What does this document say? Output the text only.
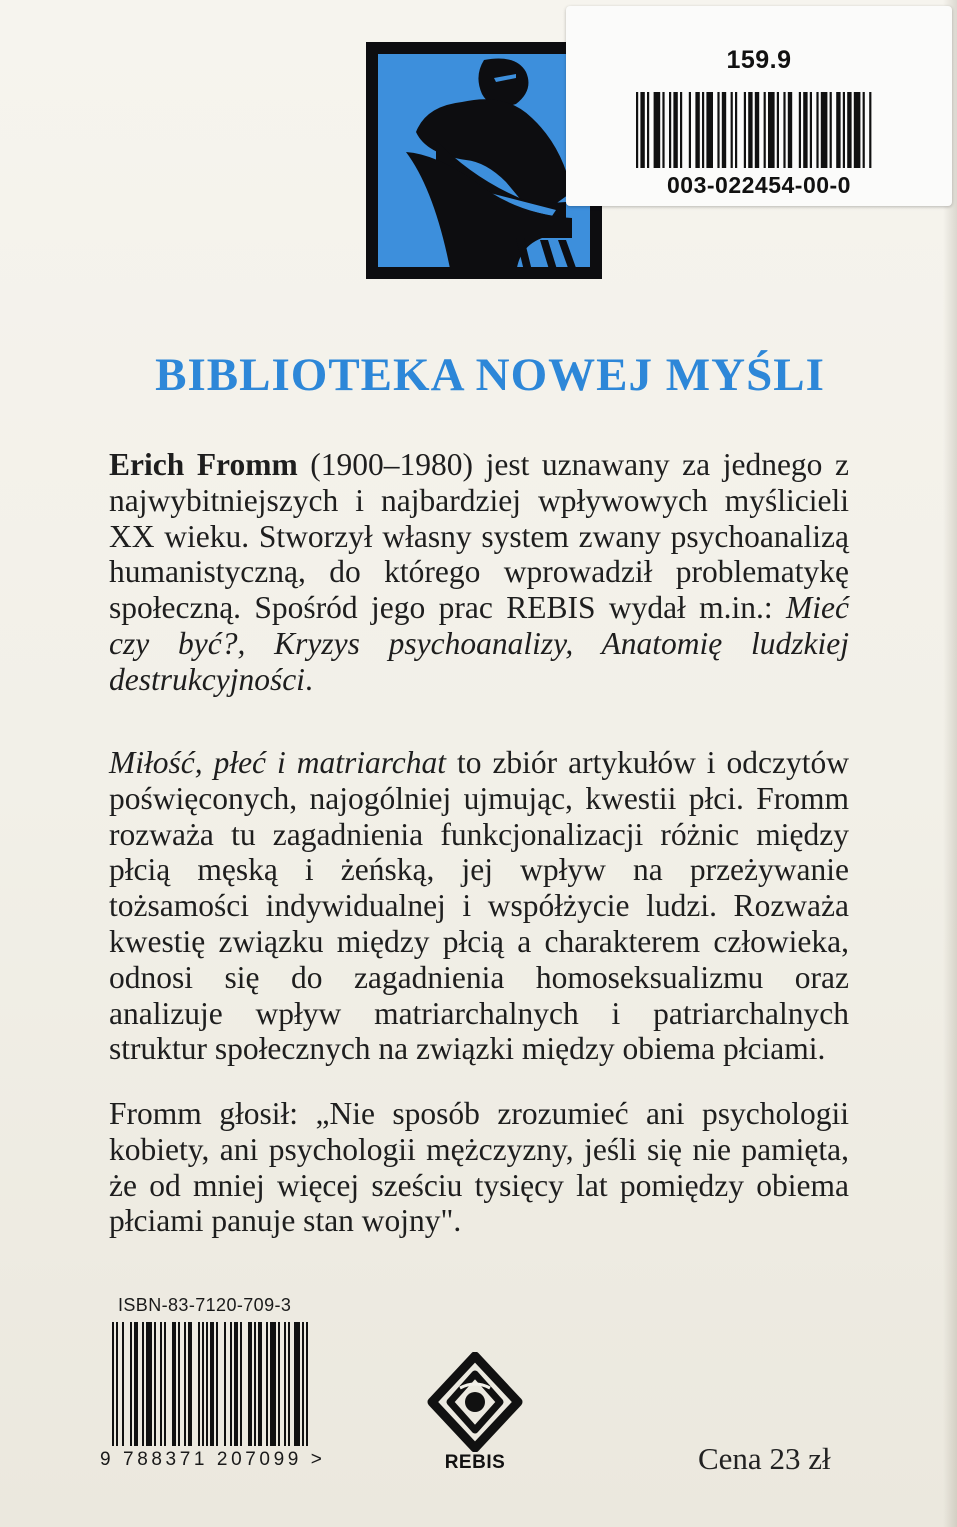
159.9
003-022454-00-0
BIBLIOTEKA NOWEJ MYŚLI
Erich Fromm (1900–1980) jest uznawany za jednego z najwybitniejszych i najbardziej wpływowych myślicieli XX wieku. Stworzył własny system zwany psychoanalizą humanistyczną, do którego wprowadził problematykę społeczną. Spośród jego prac REBIS wydał m.in.: Mieć czy być?, Kryzys psychoanalizy, Anatomię ludzkiej destrukcyjności.
Miłość, płeć i matriarchat to zbiór artykułów i odczytów poświęconych, najogólniej ujmując, kwestii płci. Fromm rozważa tu zagadnienia funkcjonalizacji różnic między płcią męską i żeńską, jej wpływ na przeżywanie tożsamości indywidualnej i współżycie ludzi. Rozważa kwestię związku między płcią a charakterem człowieka, odnosi się do zagadnienia homoseksualizmu oraz analizuje wpływ matriarchalnych i patriarchalnych struktur społecznych na związki między obiema płciami.
Fromm głosił: „Nie sposób zrozumieć ani psychologii kobiety, ani psychologii mężczyzny, jeśli się nie pamięta, że od mniej więcej sześciu tysięcy lat pomiędzy obiema płciami panuje stan wojny".
ISBN-83-7120-709-3
9 788371 207099 >	REBIS	Cena 23 zł
